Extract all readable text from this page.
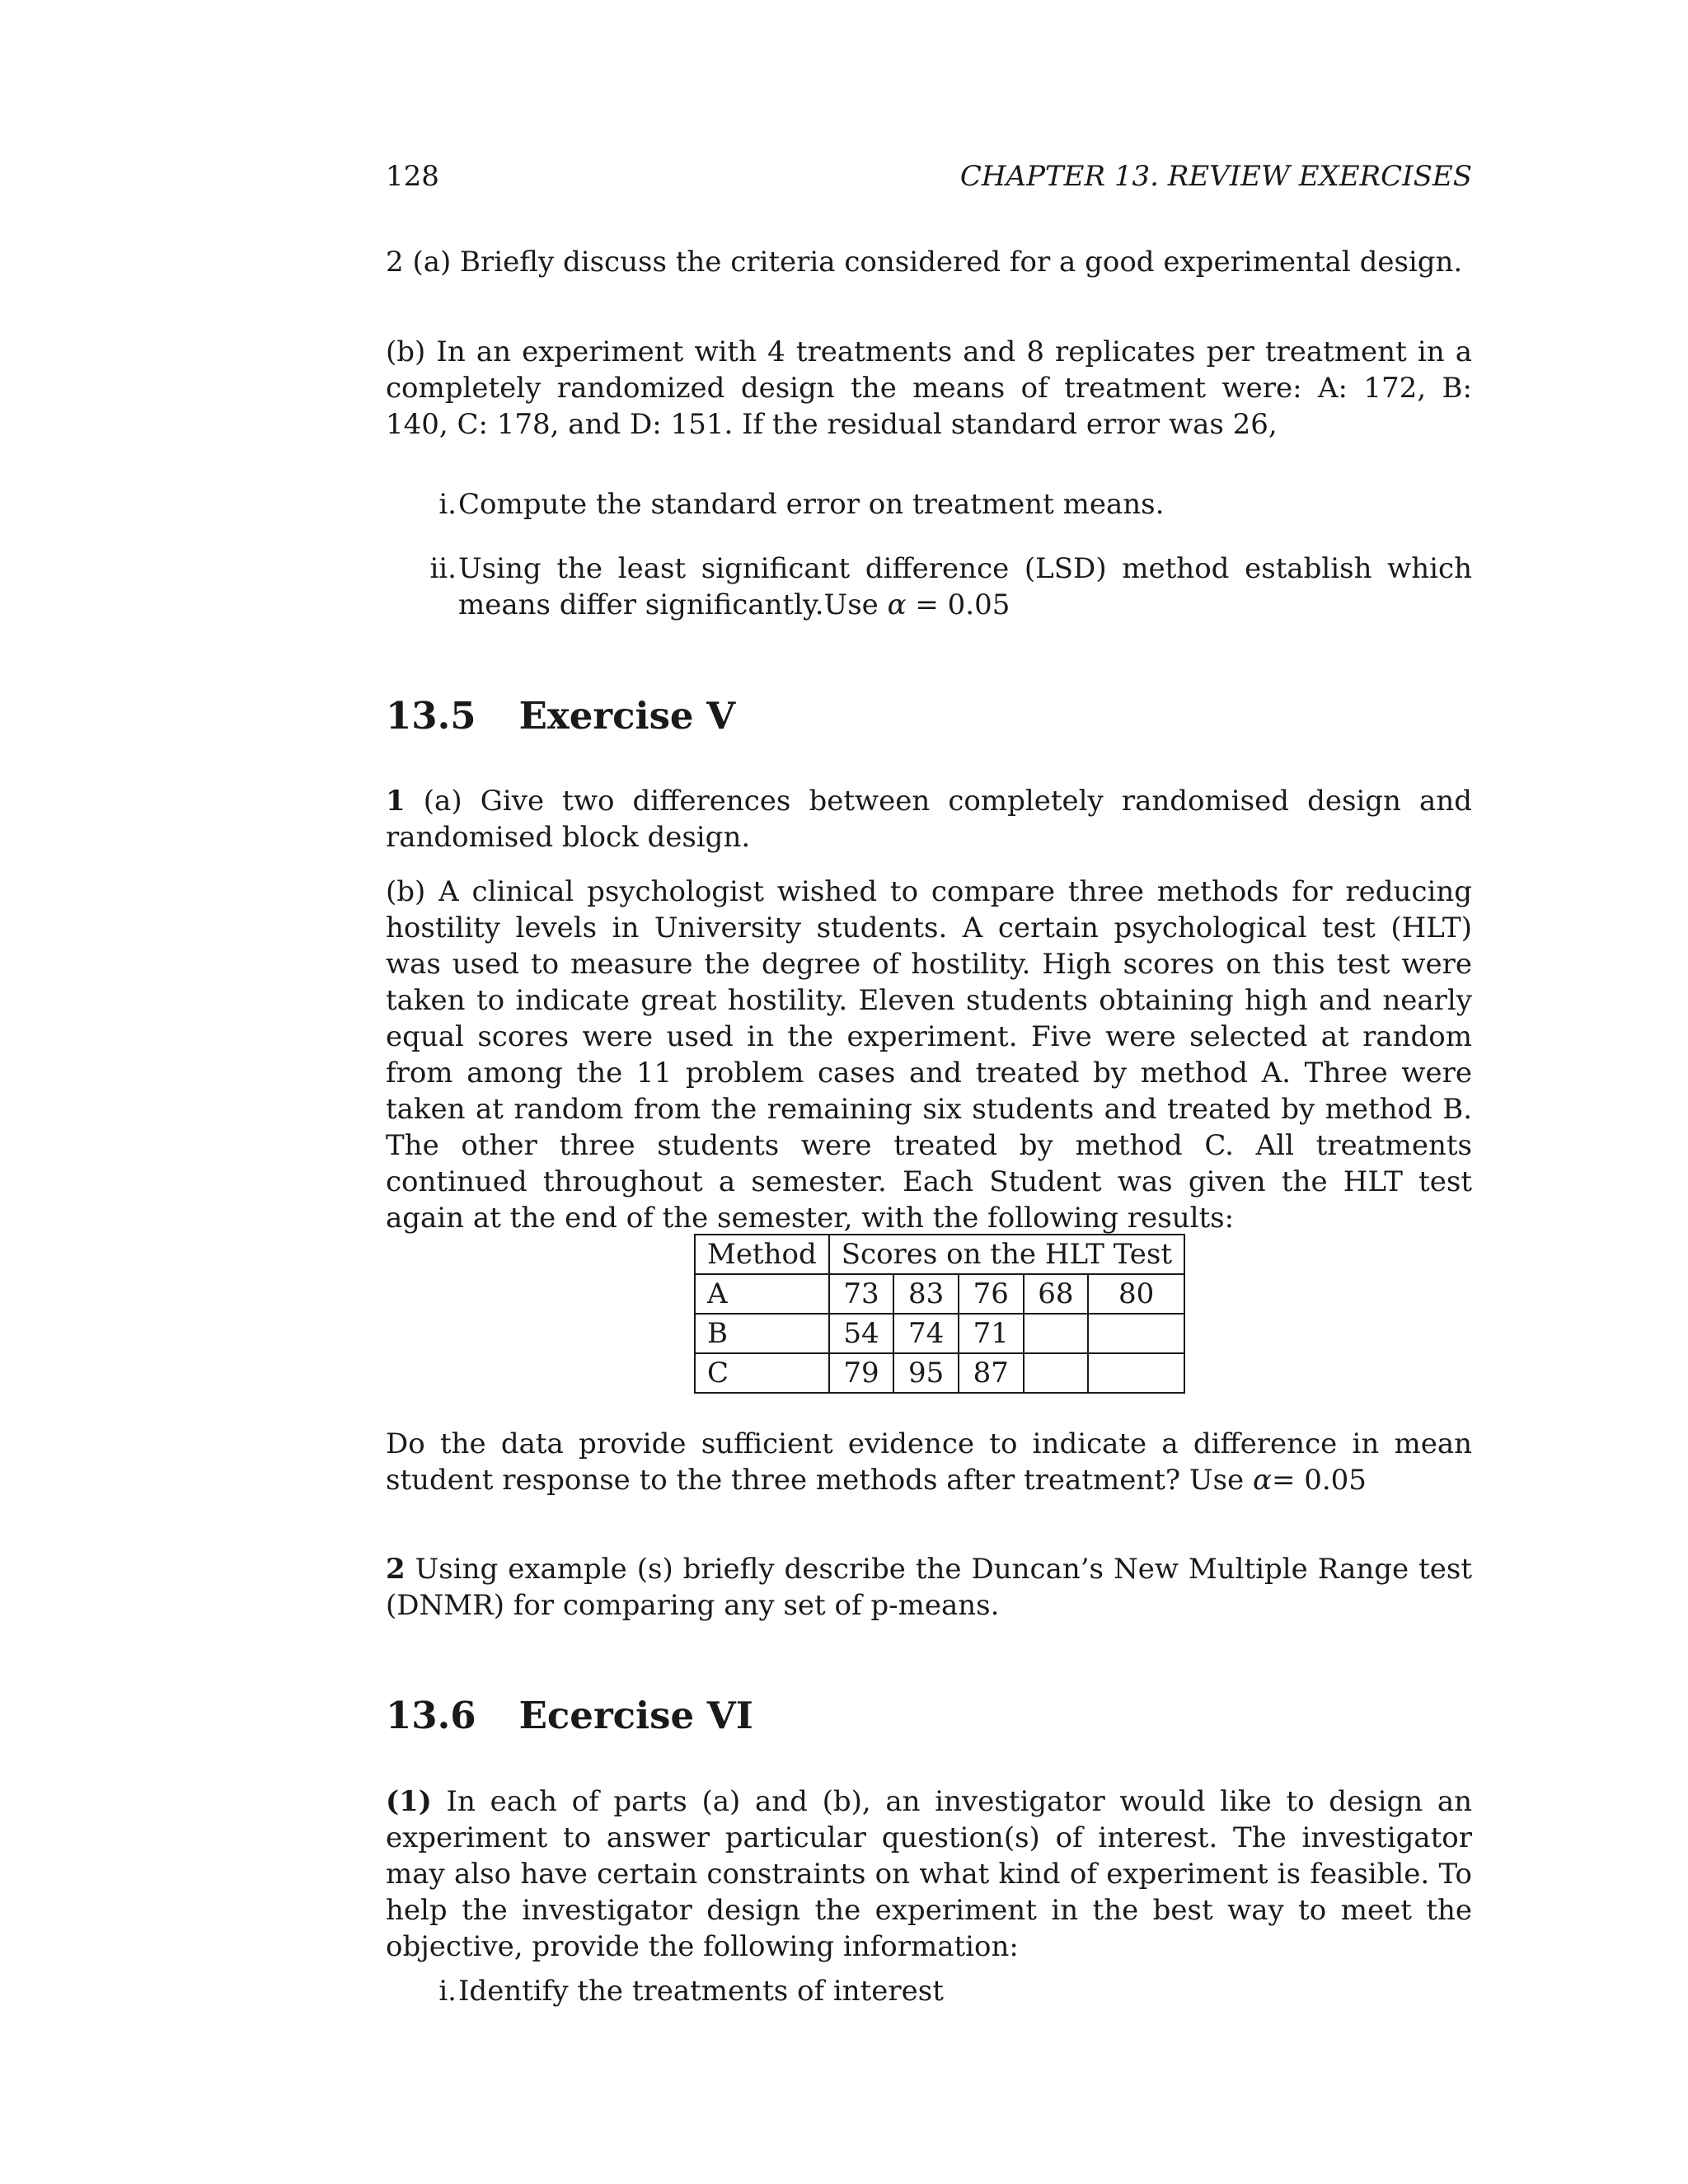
128	CHAPTER 13. REVIEW EXERCISES

2 (a) Briefly discuss the criteria considered for a good experimental design.

(b) In an experiment with 4 treatments and 8 replicates per treatment in a completely randomized design the means of treatment were: A: 172, B: 140, C: 178, and D: 151. If the residual standard error was 26,

i. Compute the standard error on treatment means.
ii. Using the least significant difference (LSD) method establish which means differ significantly.Use α = 0.05
13.5 Exercise V

1 (a) Give two differences between completely randomised design and randomised block design.

(b) A clinical psychologist wished to compare three methods for reducing hostility levels in University students. A certain psychological test (HLT) was used to measure the degree of hostility. High scores on this test were taken to indicate great hostility. Eleven students obtaining high and nearly equal scores were used in the experiment. Five were selected at random from among the 11 problem cases and treated by method A. Three were taken at random from the remaining six students and treated by method B. The other three students were treated by method C. All treatments continued throughout a semester. Each Student was given the HLT test again at the end of the semester, with the following results:

Method	Scores on the HLT Test				
A	73	83	76	68	80
B	54	74	71		
C	79	95	87		

Do the data provide sufficient evidence to indicate a difference in mean student response to the three methods after treatment? Use α= 0.05

2 Using example (s) briefly describe the Duncan’s New Multiple Range test (DNMR) for comparing any set of p-means.

13.6 Ecercise VI

(1) In each of parts (a) and (b), an investigator would like to design an experiment to answer particular question(s) of interest. The investigator may also have certain constraints on what kind of experiment is feasible. To help the investigator design the experiment in the best way to meet the objective, provide the following information:

i. Identify the treatments of interest
